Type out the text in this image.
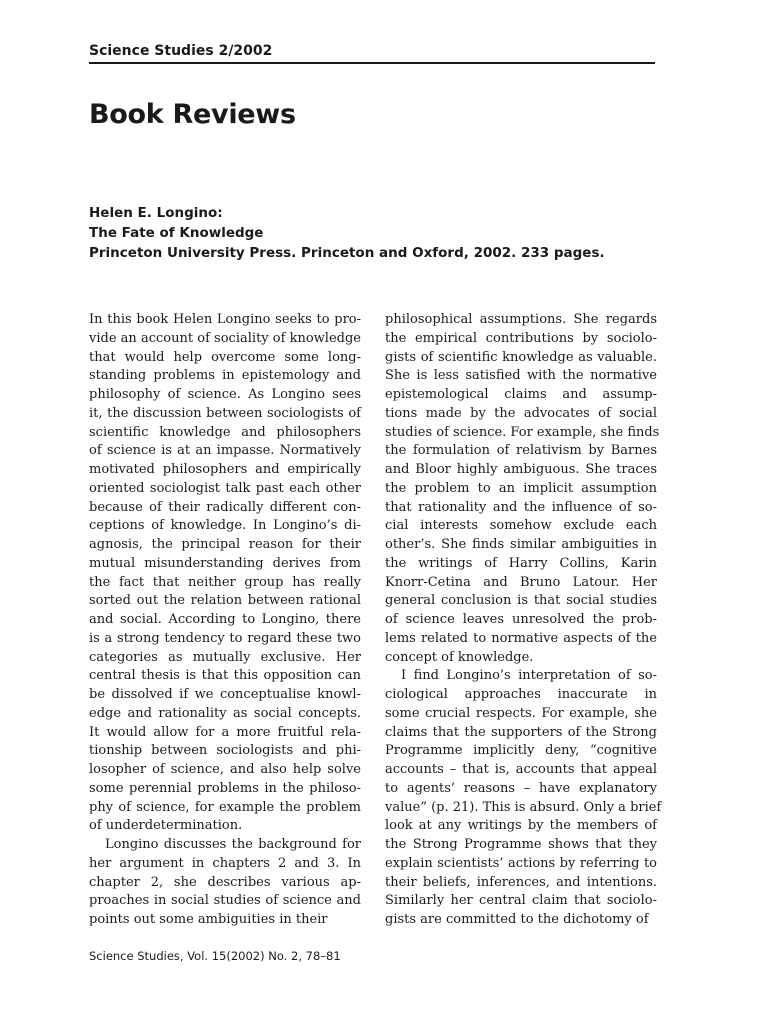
Science Studies 2/2002
Book Reviews
Helen E. Longino:
The Fate of Knowledge
Princeton University Press. Princeton and Oxford, 2002. 233 pages.
In this book Helen Longino seeks to pro-
vide an account of sociality of knowledge
that would help overcome some long-
standing problems in epistemology and
philosophy of science. As Longino sees
it, the discussion between sociologists of
scientific knowledge and philosophers
of science is at an impasse. Normatively
motivated philosophers and empirically
oriented sociologist talk past each other
because of their radically different con-
ceptions of knowledge. In Longino’s di-
agnosis, the principal reason for their
mutual misunderstanding derives from
the fact that neither group has really
sorted out the relation between rational
and social. According to Longino, there
is a strong tendency to regard these two
categories as mutually exclusive. Her
central thesis is that this opposition can
be dissolved if we conceptualise knowl-
edge and rationality as social concepts.
It would allow for a more fruitful rela-
tionship between sociologists and phi-
losopher of science, and also help solve
some perennial problems in the philoso-
phy of science, for example the problem
of underdetermination.
Longino discusses the background for
her argument in chapters 2 and 3. In
chapter 2, she describes various ap-
proaches in social studies of science and
points out some ambiguities in their
philosophical assumptions. She regards
the empirical contributions by sociolo-
gists of scientific knowledge as valuable.
She is less satisfied with the normative
epistemological claims and assump-
tions made by the advocates of social
studies of science. For example, she finds
the formulation of relativism by Barnes
and Bloor highly ambiguous. She traces
the problem to an implicit assumption
that rationality and the influence of so-
cial interests somehow exclude each
other’s. She finds similar ambiguities in
the writings of Harry Collins, Karin
Knorr-Cetina and Bruno Latour. Her
general conclusion is that social studies
of science leaves unresolved the prob-
lems related to normative aspects of the
concept of knowledge.
I find Longino’s interpretation of so-
ciological approaches inaccurate in
some crucial respects. For example, she
claims that the supporters of the Strong
Programme implicitly deny, “cognitive
accounts – that is, accounts that appeal
to agents’ reasons – have explanatory
value” (p. 21). This is absurd. Only a brief
look at any writings by the members of
the Strong Programme shows that they
explain scientists’ actions by referring to
their beliefs, inferences, and intentions.
Similarly her central claim that sociolo-
gists are committed to the dichotomy of
Science Studies, Vol. 15(2002) No. 2, 78–81
